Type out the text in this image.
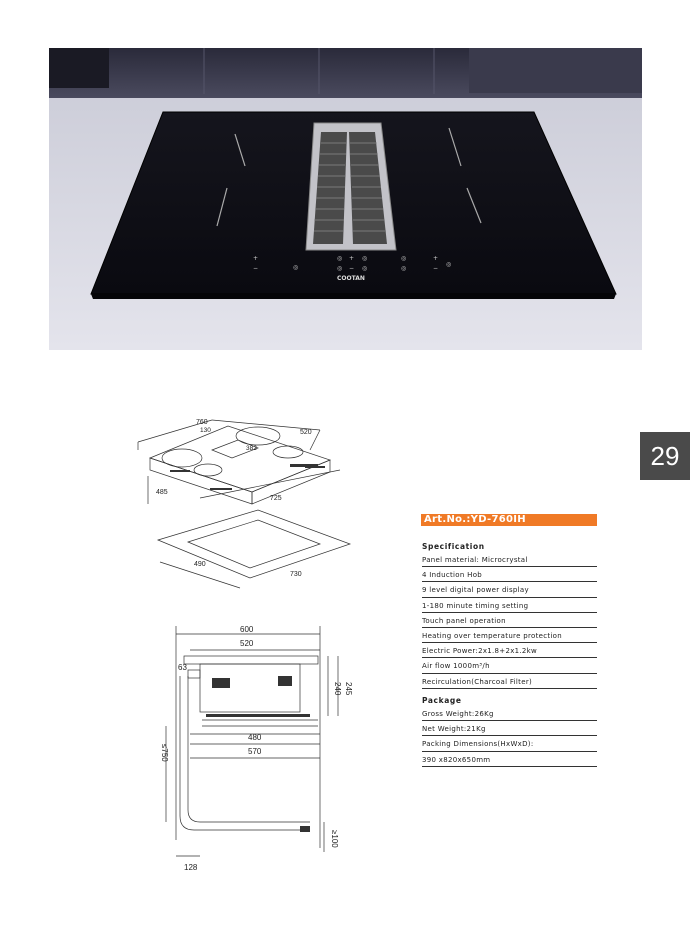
+
−	◎
◎ + ◎
◎ − ◎
◎
◎
+
−
◎
COOTAN
29
760
130
382
520
485
725
490
730
600
520
63
480
570
128
245
240
≤750
≥100
Art.No.:YD-760IH
Specification
Panel material: Microcrystal
4 Induction Hob
9 level digital power display
1-180 minute timing setting
Touch panel operation
Heating over temperature protection
Electric Power:2x1.8+2x1.2kw
Air flow 1000m³/h
Recirculation(Charcoal Filter)
Package
Gross Weight:26Kg
Net Weight:21Kg
Packing Dimensions(HxWxD):
390 x820x650mm
